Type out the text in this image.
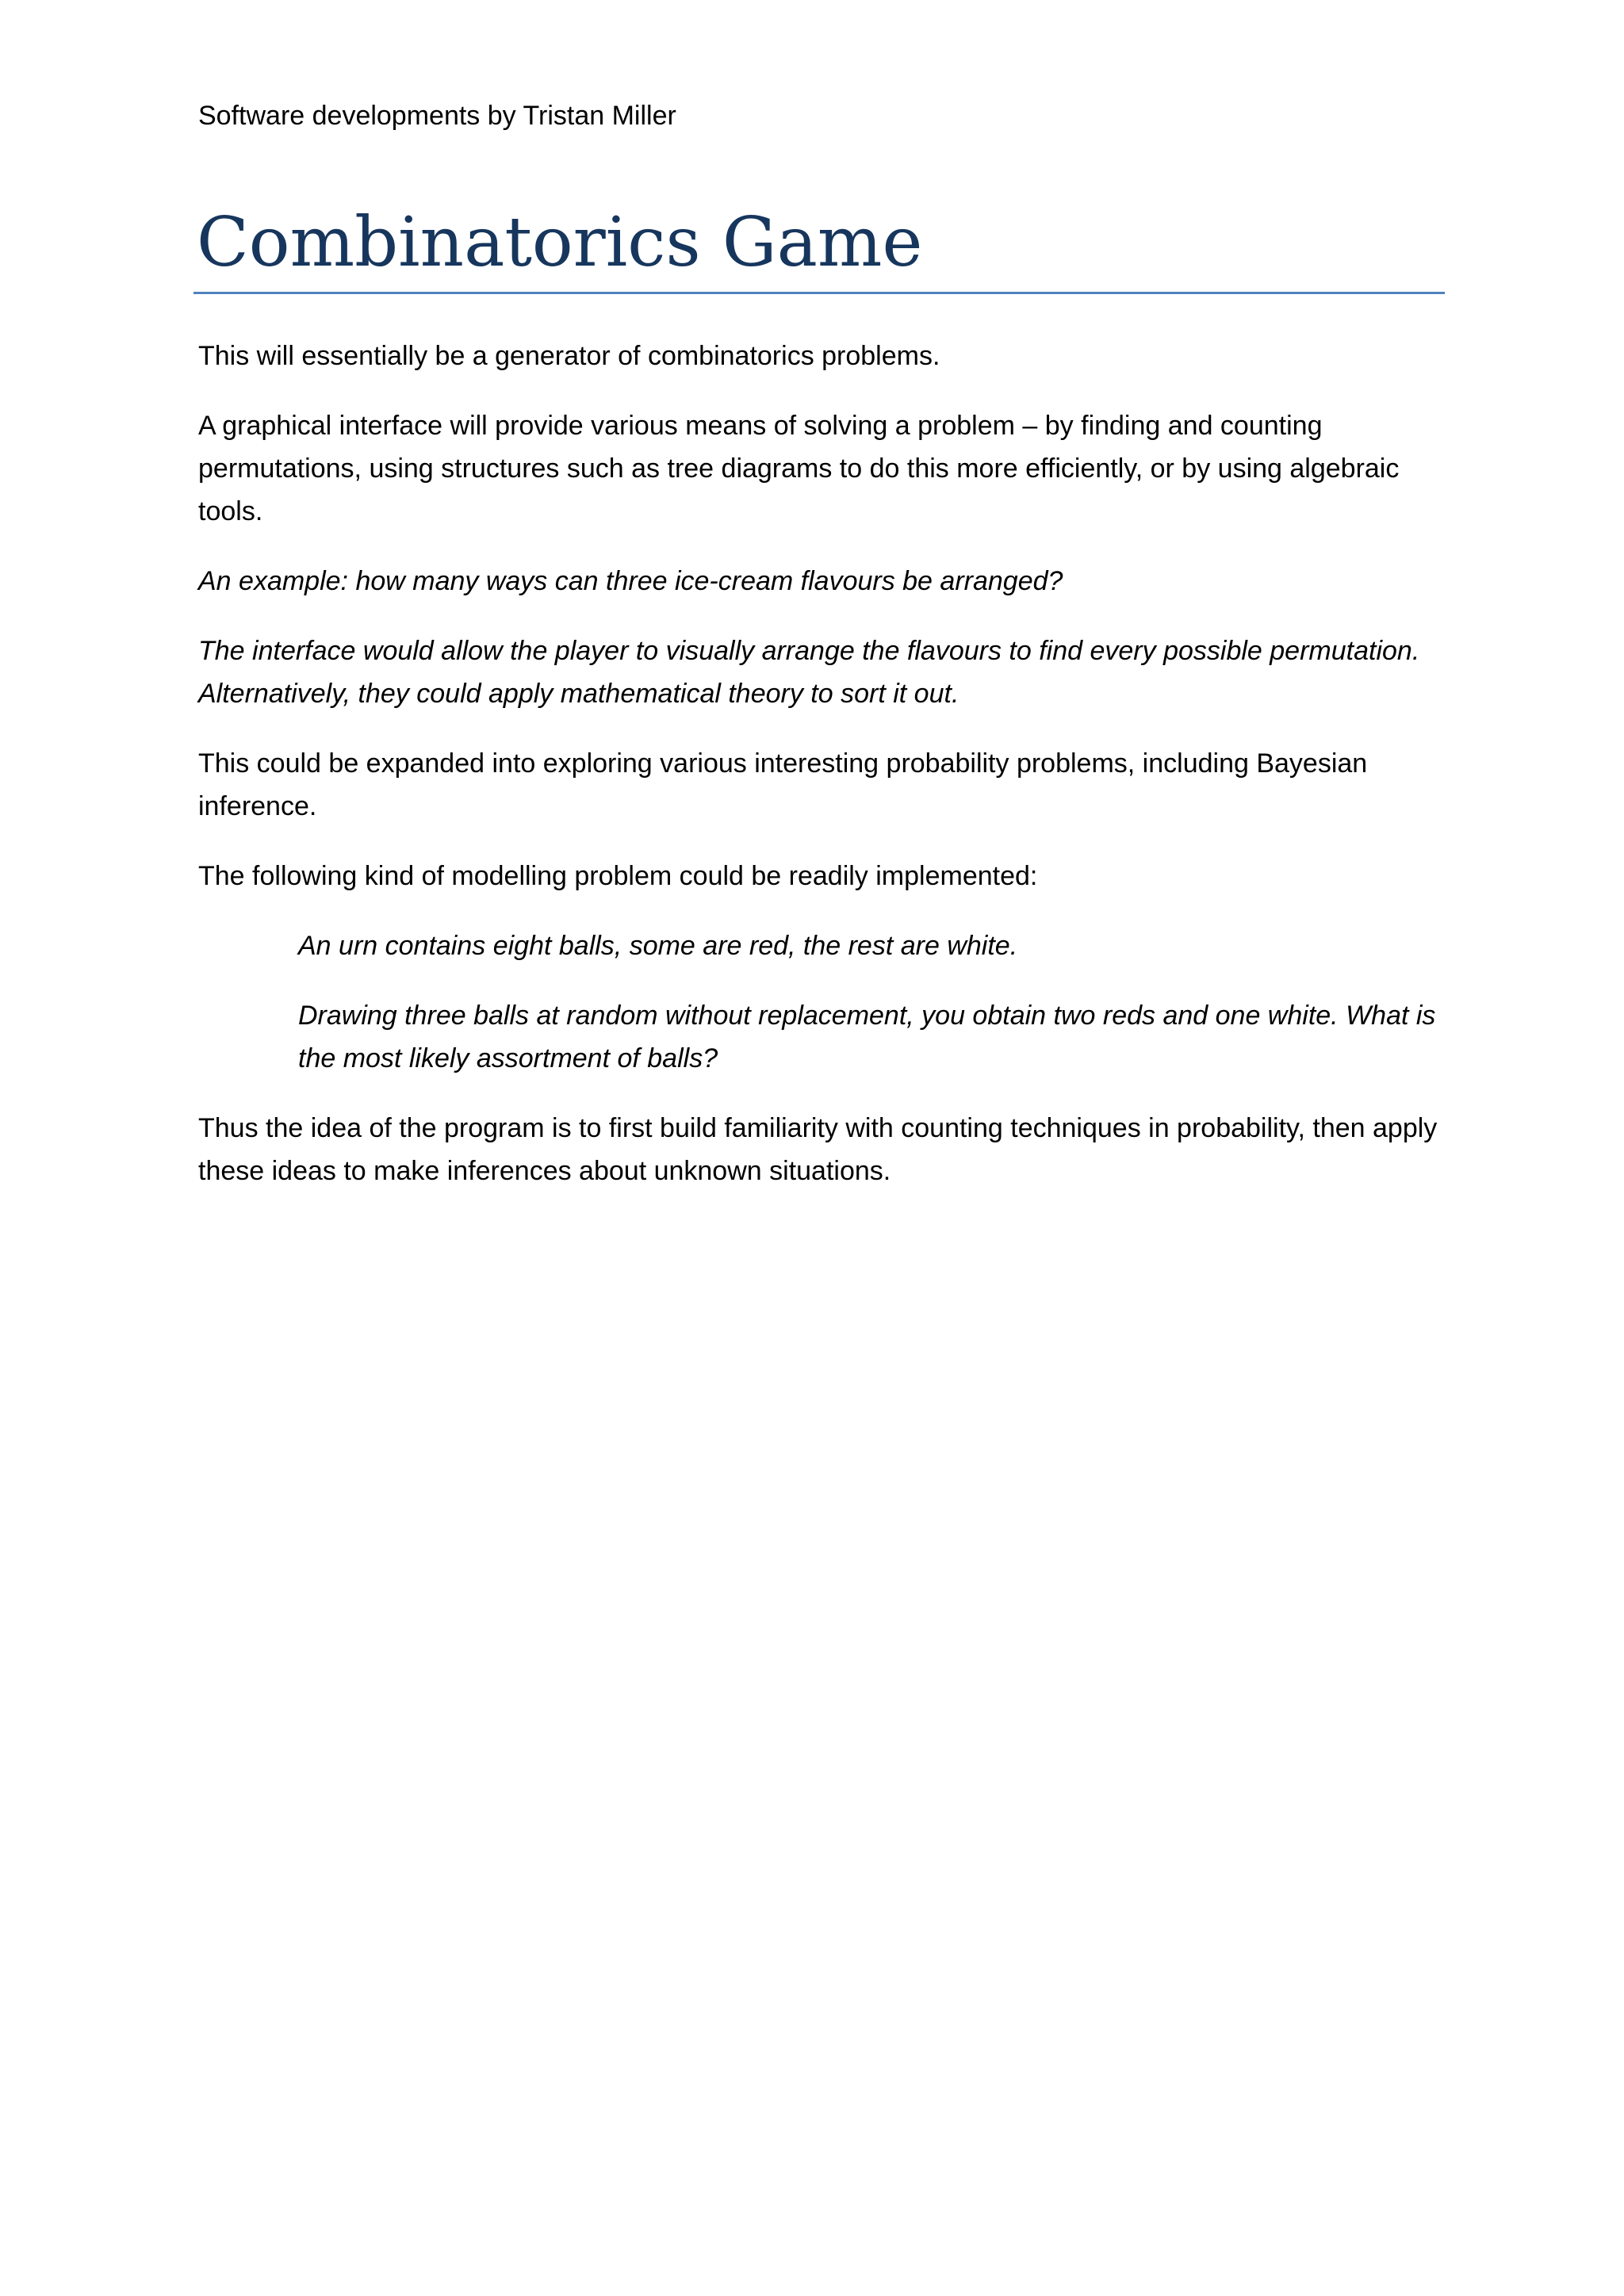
Software developments by Tristan Miller
Combinatorics Game

This will essentially be a generator of combinatorics problems.

A graphical interface will provide various means of solving a problem – by finding and counting permutations, using structures such as tree diagrams to do this more efficiently, or by using algebraic tools.

An example: how many ways can three ice-cream flavours be arranged?

The interface would allow the player to visually arrange the flavours to find every possible permutation. Alternatively, they could apply mathematical theory to sort it out.

This could be expanded into exploring various interesting probability problems, including Bayesian inference.

The following kind of modelling problem could be readily implemented:

An urn contains eight balls, some are red, the rest are white.

Drawing three balls at random without replacement, you obtain two reds and one white. What is the most likely assortment of balls?

Thus the idea of the program is to first build familiarity with counting techniques in probability, then apply these ideas to make inferences about unknown situations.
